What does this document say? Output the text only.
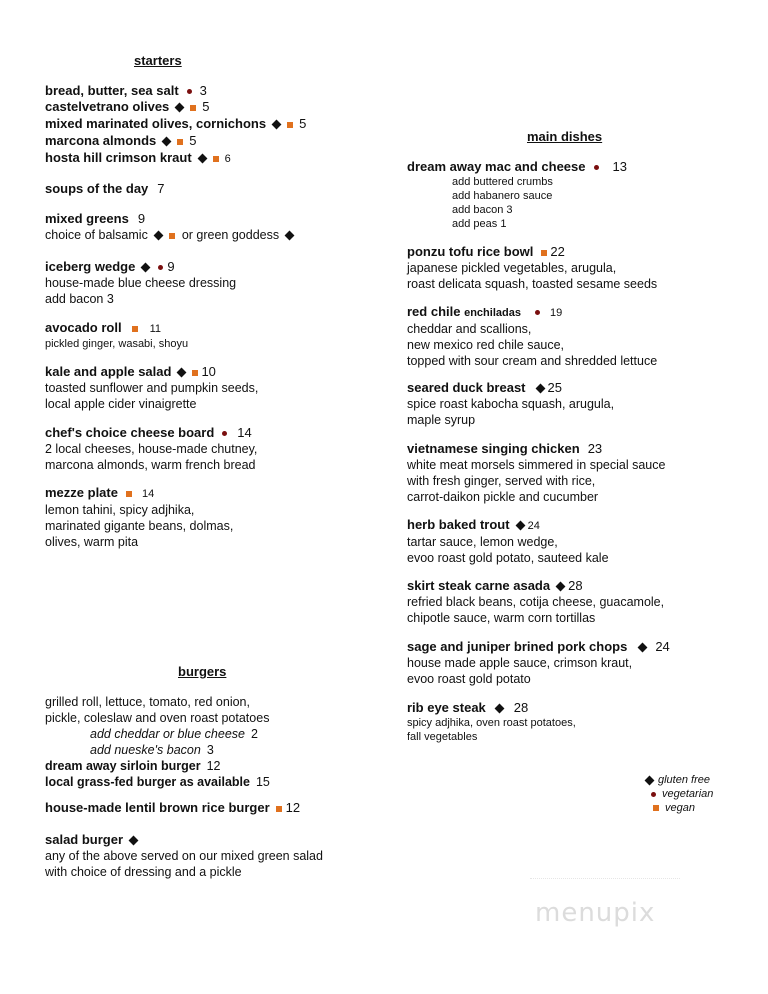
starters
main dishes
burgers
bread, butter, sea salt 3
castelvetrano olives	5
mixed marinated olives, cornichons	5
marcona almonds	5
hosta hill crimson kraut	6
soups of the day 7
mixed greens 9
choice of balsamic	or green goddess
iceberg wedge 9
house-made blue cheese dressing
add bacon 3
avocado roll	11
pickled ginger, wasabi, shoyu
kale and apple salad 10
toasted sunflower and pumpkin seeds,
local apple cider vinaigrette
chef's choice cheese board 14
2 local cheeses, house-made chutney,
marcona almonds, warm french bread
mezze plate 14
lemon tahini, spicy adjhika,
marinated gigante beans, dolmas,
olives, warm pita
grilled roll, lettuce, tomato, red onion,
pickle, coleslaw and oven roast potatoes
add cheddar or blue cheese 2
add nueske's bacon 3
dream away sirloin burger 12
local grass-fed burger as available 15
house-made lentil brown rice burger 12
salad burger
any of the above served on our mixed green salad
with choice of dressing and a pickle
dream away mac and cheese 13
add buttered crumbs
add habanero sauce
add bacon 3
add peas 1
ponzu tofu rice bowl 22
japanese pickled vegetables, arugula,
roast delicata squash, toasted sesame seeds
red chile enchiladas	19
cheddar and scallions,
new mexico red chile sauce,
topped with sour cream and shredded lettuce
seared duck breast 25
spice roast kabocha squash, arugula,
maple syrup
vietnamese singing chicken 23
white meat morsels simmered in special sauce
with fresh ginger, served with rice,
carrot-daikon pickle and cucumber
herb baked trout 24
tartar sauce, lemon wedge,
evoo roast gold potato, sauteed kale
skirt steak carne asada 28
refried black beans, cotija cheese, guacamole,
chipotle sauce, warm corn tortillas
sage and juniper brined pork chops 24
house made apple sauce, crimson kraut,
evoo roast gold potato
rib eye steak 28
spicy adjhika, oven roast potatoes,
fall vegetables
gluten free
vegetarian
vegan
menupix
